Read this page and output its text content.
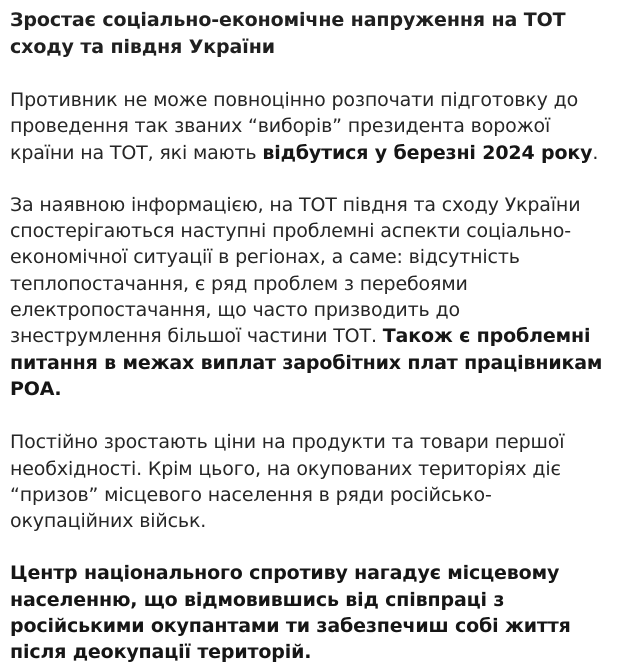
Зростає соціально-економічне напруження на ТОТ сходу та півдня України

Противник не може повноцінно розпочати підготовку до проведення так званих “виборів” президента ворожої країни на ТОТ, які мають відбутися у березні 2024 року.

За наявною інформацією, на ТОТ півдня та сходу України спостерігаються наступні проблемні аспекти соціально-економічної ситуації в регіонах, а саме: відсутність теплопостачання, є ряд проблем з перебоями електропостачання, що часто призводить до знеструмлення більшої частини ТОТ. Також є проблемні питання в межах виплат заробітних плат працівникам РОА.

Постійно зростають ціни на продукти та товари першої необхідності. Крім цього, на окупованих територіях діє “призов” місцевого населення в ряди російсько-окупаційних військ.

Центр національного спротиву нагадує місцевому населенню, що відмовившись від співпраці з російськими окупантами ти забезпечиш собі життя після деокупації територій.
